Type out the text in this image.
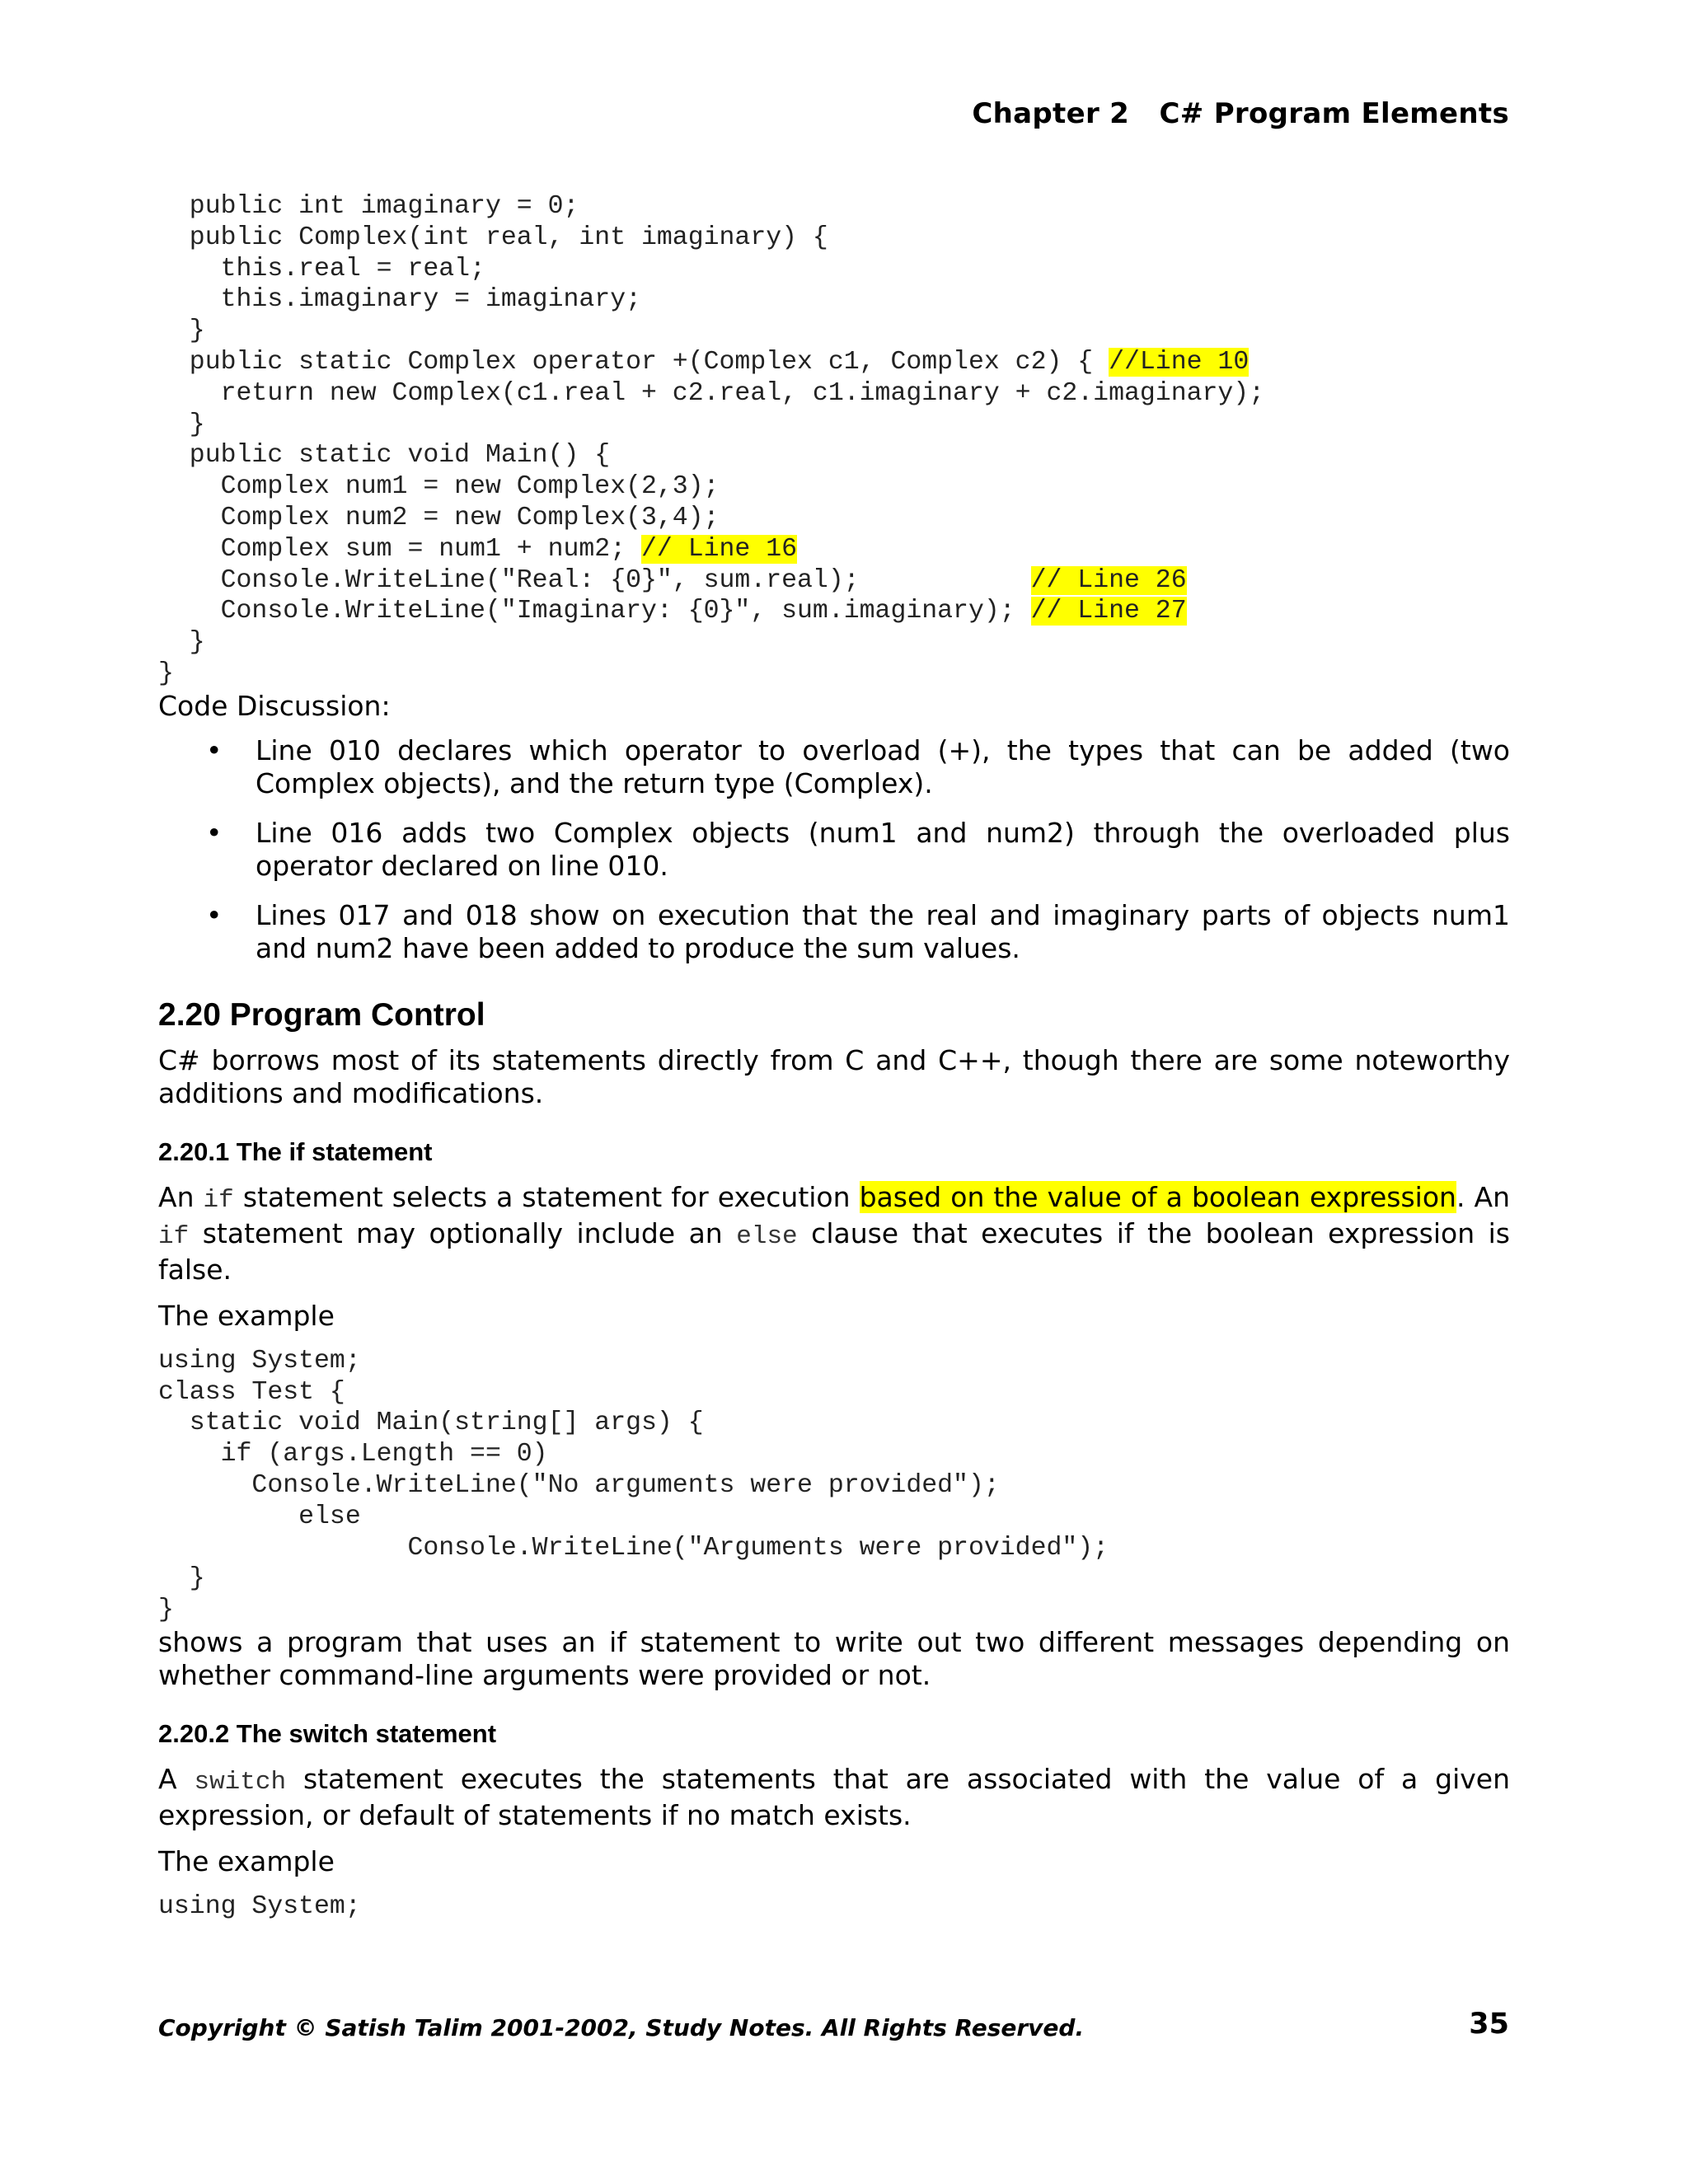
Chapter 2 C# Program Elements
public int imaginary = 0;
public Complex(int real, int imaginary) {
this.real = real;
this.imaginary = imaginary;
}
public static Complex operator +(Complex c1, Complex c2) { //Line 10
return new Complex(c1.real + c2.real, c1.imaginary + c2.imaginary);
}
public static void Main() {
Complex num1 = new Complex(2,3);
Complex num2 = new Complex(3,4);
Complex sum = num1 + num2; // Line 16
Console.WriteLine("Real: {0}", sum.real);           // Line 26
Console.WriteLine("Imaginary: {0}", sum.imaginary); // Line 27
}
}

Code Discussion:

• Line 010 declares which operator to overload (+), the types that can be added (two Complex objects), and the return type (Complex).
• Line 016 adds two Complex objects (num1 and num2) through the overloaded plus operator declared on line 010.
• Lines 017 and 018 show on execution that the real and imaginary parts of objects num1 and num2 have been added to produce the sum values.
2.20 Program Control

C# borrows most of its statements directly from C and C++, though there are some noteworthy additions and modifications.

2.20.1 The if statement

An if statement selects a statement for execution based on the value of a boolean expression. An if statement may optionally include an else clause that executes if the boolean expression is false.

The example

using System;
class Test {
static void Main(string[] args) {
if (args.Length == 0)
Console.WriteLine("No arguments were provided");
else
Console.WriteLine("Arguments were provided");
}
}

shows a program that uses an if statement to write out two different messages depending on whether command-line arguments were provided or not.

2.20.2 The switch statement

A switch statement executes the statements that are associated with the value of a given expression, or default of statements if no match exists.

The example

using System;
Copyright © Satish Talim 2001-2002, Study Notes. All Rights Reserved.	35
